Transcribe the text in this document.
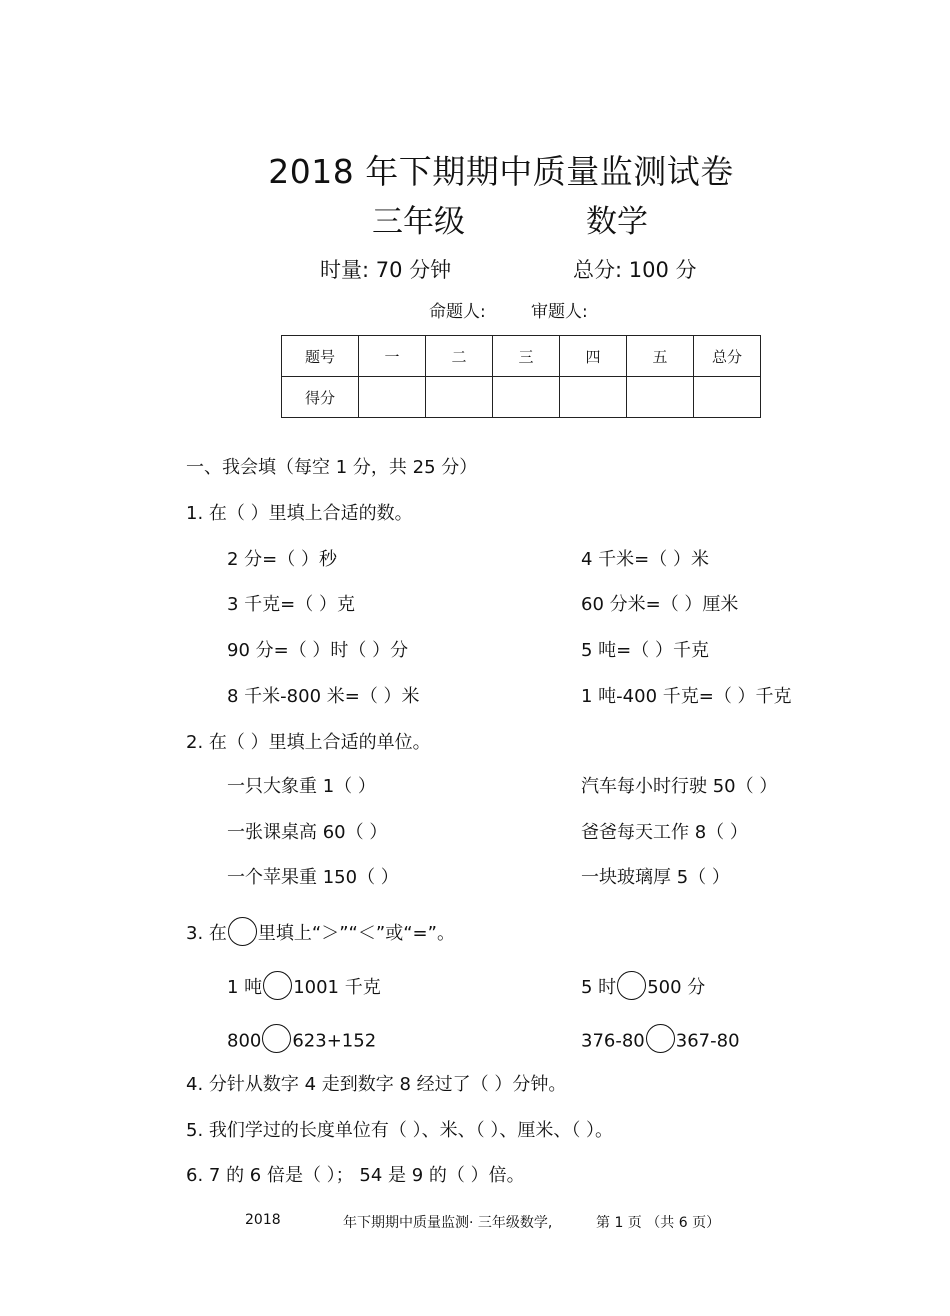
2018 年下期期中质量监测试卷
三年级	数学
时量: 70 分钟	总分: 100 分
命题人:	审题人:
题号	一	二	三	四	五	总分
得分						
一、我会填（每空 1 分，共 25 分）
1. 在（ ）里填上合适的数。
2 分=（ ）秒	4 千米=（ ）米
3 千克=（ ）克	60 分米=（ ）厘米
90 分=（ ）时（ ）分	5 吨=（ ）千克
8 千米-800 米=（ ）米	1 吨-400 千克=（ ）千克
2. 在（ ）里填上合适的单位。
一只大象重 1（ ）	汽车每小时行驶 50（ ）
一张课桌高 60（ ）	爸爸每天工作 8（ ）
一个苹果重 150（ ）	一块玻璃厚 5（ ）
3. 在 里填上“＞”“＜”或“=”。
1 吨 1001 千克	5 时 500 分
800 623+152	376-80 367-80
4. 分针从数字 4 走到数字 8 经过了（ ）分钟。
5. 我们学过的长度单位有（ ）、米、（ ）、厘米、（ ）。
6. 7 的 6 倍是（ ）； 54 是 9 的（ ）倍。
2018	年下期期中质量监测· 三年级数学,	第 1 页 （共 6 页）
